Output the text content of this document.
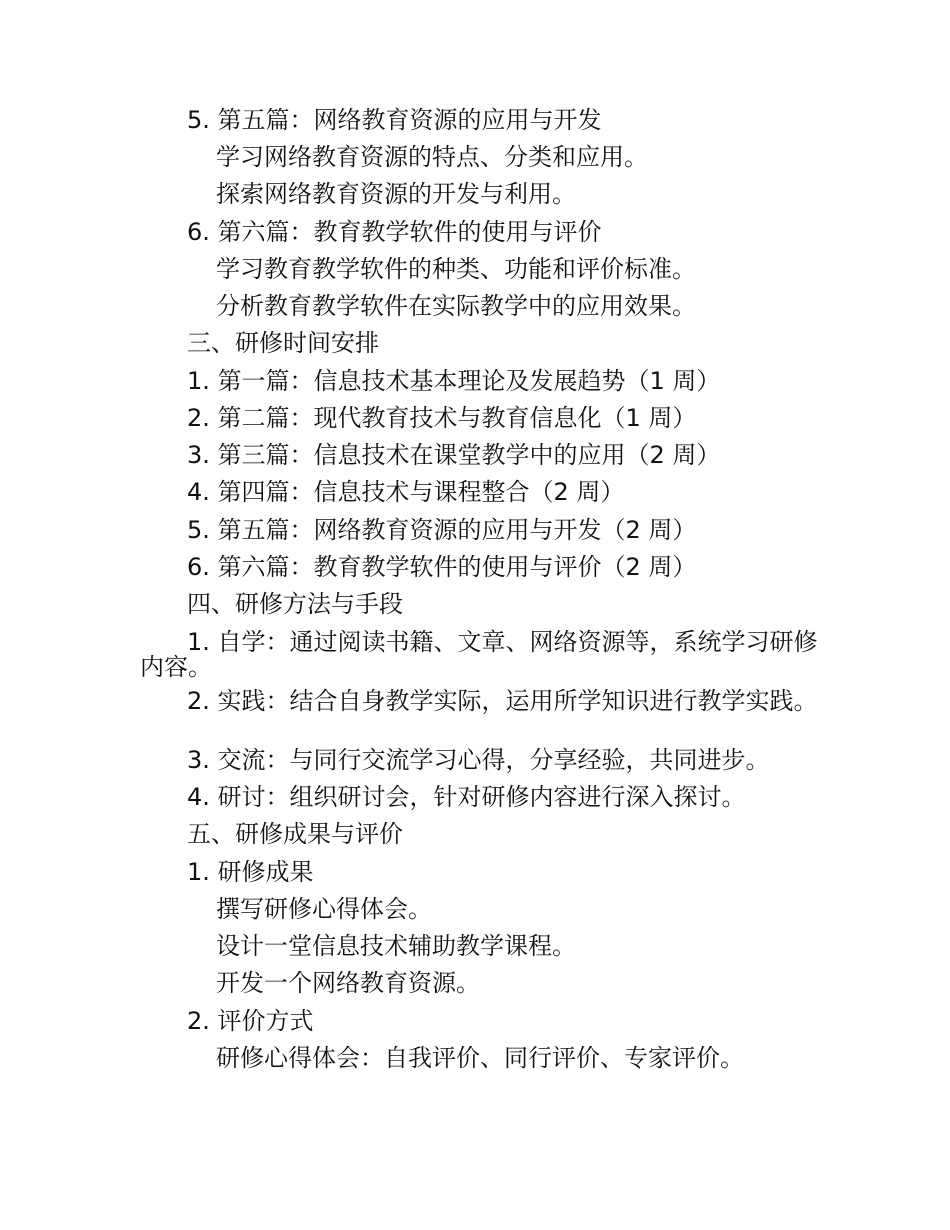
5. 第五篇：网络教育资源的应用与开发
学习网络教育资源的特点、分类和应用。
探索网络教育资源的开发与利用。
6. 第六篇：教育教学软件的使用与评价
学习教育教学软件的种类、功能和评价标准。
分析教育教学软件在实际教学中的应用效果。
三、研修时间安排
1. 第一篇：信息技术基本理论及发展趋势（1 周）
2. 第二篇：现代教育技术与教育信息化（1 周）
3. 第三篇：信息技术在课堂教学中的应用（2 周）
4. 第四篇：信息技术与课程整合（2 周）
5. 第五篇：网络教育资源的应用与开发（2 周）
6. 第六篇：教育教学软件的使用与评价（2 周）
四、研修方法与手段
1. 自学：通过阅读书籍、文章、网络资源等，系统学习研修内容。
2. 实践：结合自身教学实际，运用所学知识进行教学实践。
3. 交流：与同行交流学习心得，分享经验，共同进步。
4. 研讨：组织研讨会，针对研修内容进行深入探讨。
五、研修成果与评价
1. 研修成果
撰写研修心得体会。
设计一堂信息技术辅助教学课程。
开发一个网络教育资源。
2. 评价方式
研修心得体会：自我评价、同行评价、专家评价。
